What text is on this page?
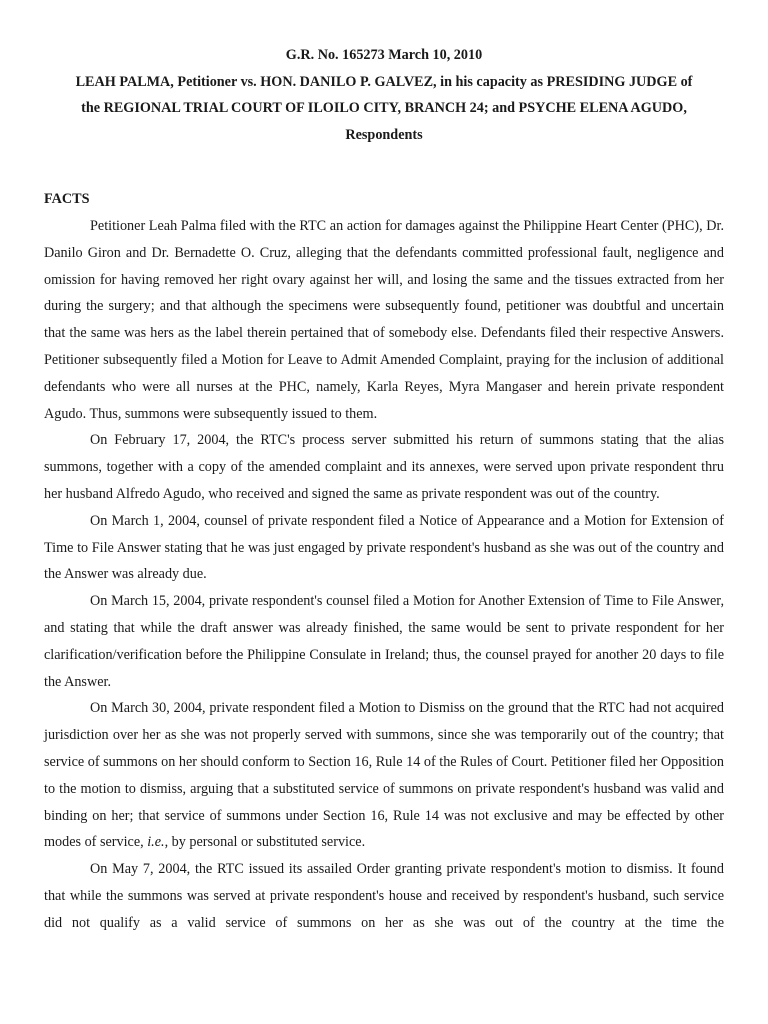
G.R. No. 165273 March 10, 2010

LEAH PALMA, Petitioner vs. HON. DANILO P. GALVEZ, in his capacity as PRESIDING JUDGE of

the REGIONAL TRIAL COURT OF ILOILO CITY, BRANCH 24; and PSYCHE ELENA AGUDO,

Respondents

FACTS

Petitioner Leah Palma filed with the RTC an action for damages against the Philippine Heart Center (PHC), Dr. Danilo Giron and Dr. Bernadette O. Cruz, alleging that the defendants committed professional fault, negligence and omission for having removed her right ovary against her will, and losing the same and the tissues extracted from her during the surgery; and that although the specimens were subsequently found, petitioner was doubtful and uncertain that the same was hers as the label therein pertained that of somebody else. Defendants filed their respective Answers. Petitioner subsequently filed a Motion for Leave to Admit Amended Complaint, praying for the inclusion of additional defendants who were all nurses at the PHC, namely, Karla Reyes, Myra Mangaser and herein private respondent Agudo. Thus, summons were subsequently issued to them.

On February 17, 2004, the RTC's process server submitted his return of summons stating that the alias summons, together with a copy of the amended complaint and its annexes, were served upon private respondent thru her husband Alfredo Agudo, who received and signed the same as private respondent was out of the country.

On March 1, 2004, counsel of private respondent filed a Notice of Appearance and a Motion for Extension of Time to File Answer stating that he was just engaged by private respondent's husband as she was out of the country and the Answer was already due.

On March 15, 2004, private respondent's counsel filed a Motion for Another Extension of Time to File Answer, and stating that while the draft answer was already finished, the same would be sent to private respondent for her clarification/verification before the Philippine Consulate in Ireland; thus, the counsel prayed for another 20 days to file the Answer.

On March 30, 2004, private respondent filed a Motion to Dismiss on the ground that the RTC had not acquired jurisdiction over her as she was not properly served with summons, since she was temporarily out of the country; that service of summons on her should conform to Section 16, Rule 14 of the Rules of Court. Petitioner filed her Opposition to the motion to dismiss, arguing that a substituted service of summons on private respondent's husband was valid and binding on her; that service of summons under Section 16, Rule 14 was not exclusive and may be effected by other modes of service, i.e., by personal or substituted service.

On May 7, 2004, the RTC issued its assailed Order granting private respondent's motion to dismiss. It found that while the summons was served at private respondent's house and received by respondent's husband, such service did not qualify as a valid service of summons on her as she was out of the country at the time the
